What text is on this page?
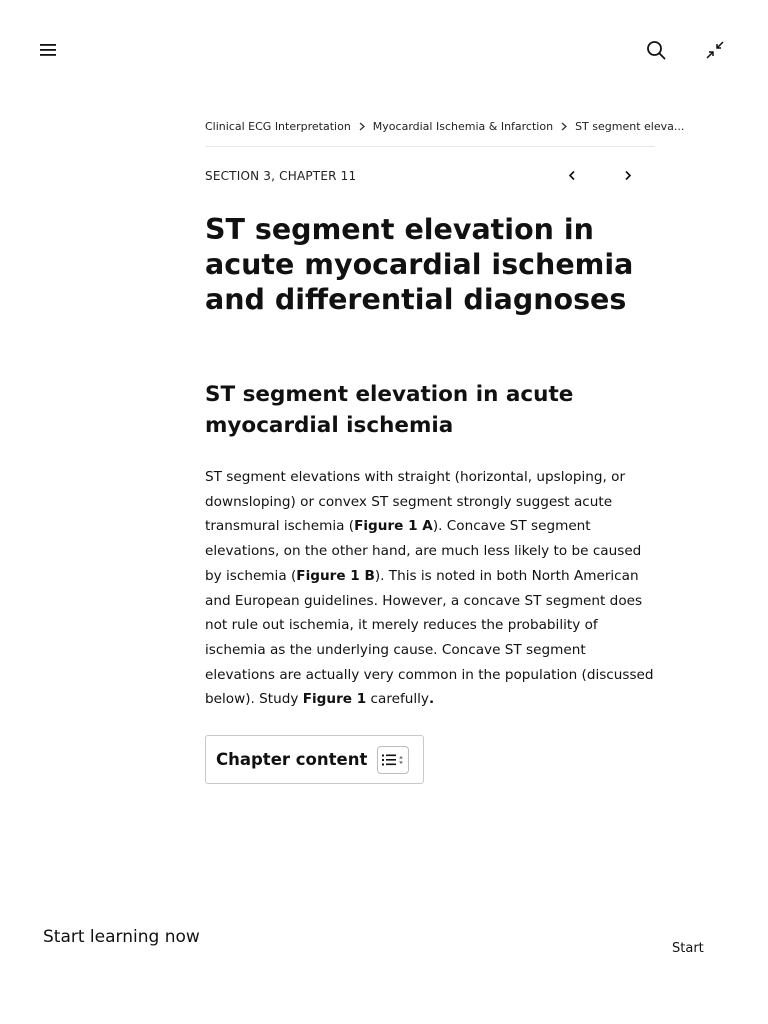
Clinical ECG Interpretation Myocardial Ischemia & Infarction ST segment eleva...
SECTION 3, CHAPTER 11
ST segment elevation in acute myocardial ischemia and differential diagnoses
ST segment elevation in acute myocardial ischemia

ST segment elevations with straight (horizontal, upsloping, or downsloping) or convex ST segment strongly suggest acute transmural ischemia (Figure 1 A). Concave ST segment elevations, on the other hand, are much less likely to be caused by ischemia (Figure 1 B). This is noted in both North American and European guidelines. However, a concave ST segment does not rule out ischemia, it merely reduces the probability of ischemia as the underlying cause. Concave ST segment elevations are actually very common in the population (discussed below). Study Figure 1 carefully.

Chapter content
Start learning now
Start
